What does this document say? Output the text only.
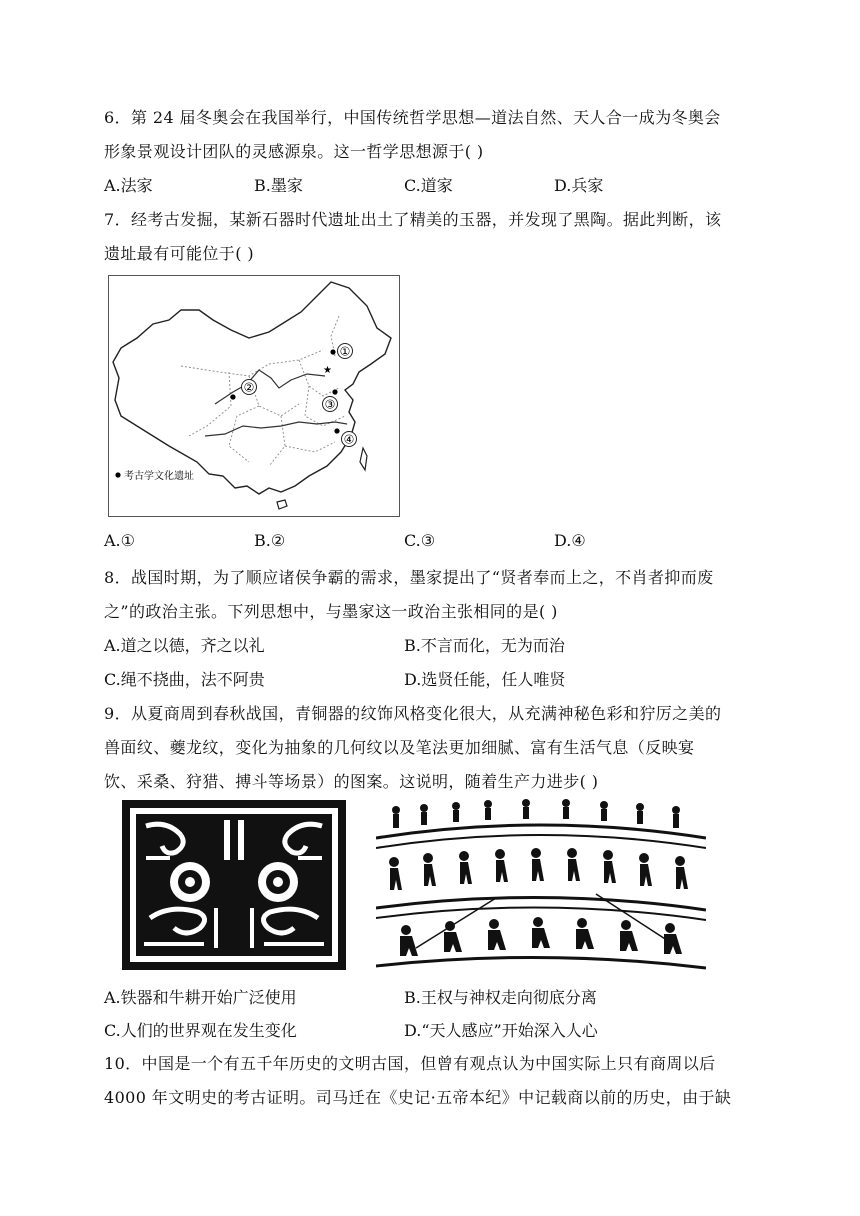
6．第 24 届冬奥会在我国举行，中国传统哲学思想—道法自然、天人合一成为冬奥会
形象景观设计团队的灵感源泉。这一哲学思想源于( )
A.法家	B.墨家	C.道家	D.兵家
7．经考古发掘，某新石器时代遗址出土了精美的玉器，并发现了黑陶。据此判断，该
遗址最有可能位于( )
①
②
③
④
★
考古学文化遗址
A.①	B.②	C.③	D.④
8．战国时期，为了顺应诸侯争霸的需求，墨家提出了“贤者奉而上之，不肖者抑而废
之”的政治主张。下列思想中，与墨家这一政治主张相同的是( )
A.道之以德，齐之以礼	B.不言而化，无为而治
C.绳不挠曲，法不阿贵	D.选贤任能，任人唯贤
9．从夏商周到春秋战国，青铜器的纹饰风格变化很大，从充满神秘色彩和狞厉之美的
兽面纹、夔龙纹，变化为抽象的几何纹以及笔法更加细腻、富有生活气息（反映宴
饮、采桑、狩猎、搏斗等场景）的图案。这说明，随着生产力进步( )
A.铁器和牛耕开始广泛使用	B.王权与神权走向彻底分离
C.人们的世界观在发生变化	D.“天人感应”开始深入人心
10．中国是一个有五千年历史的文明古国，但曾有观点认为中国实际上只有商周以后
4000 年文明史的考古证明。司马迁在《史记·五帝本纪》中记载商以前的历史，由于缺
